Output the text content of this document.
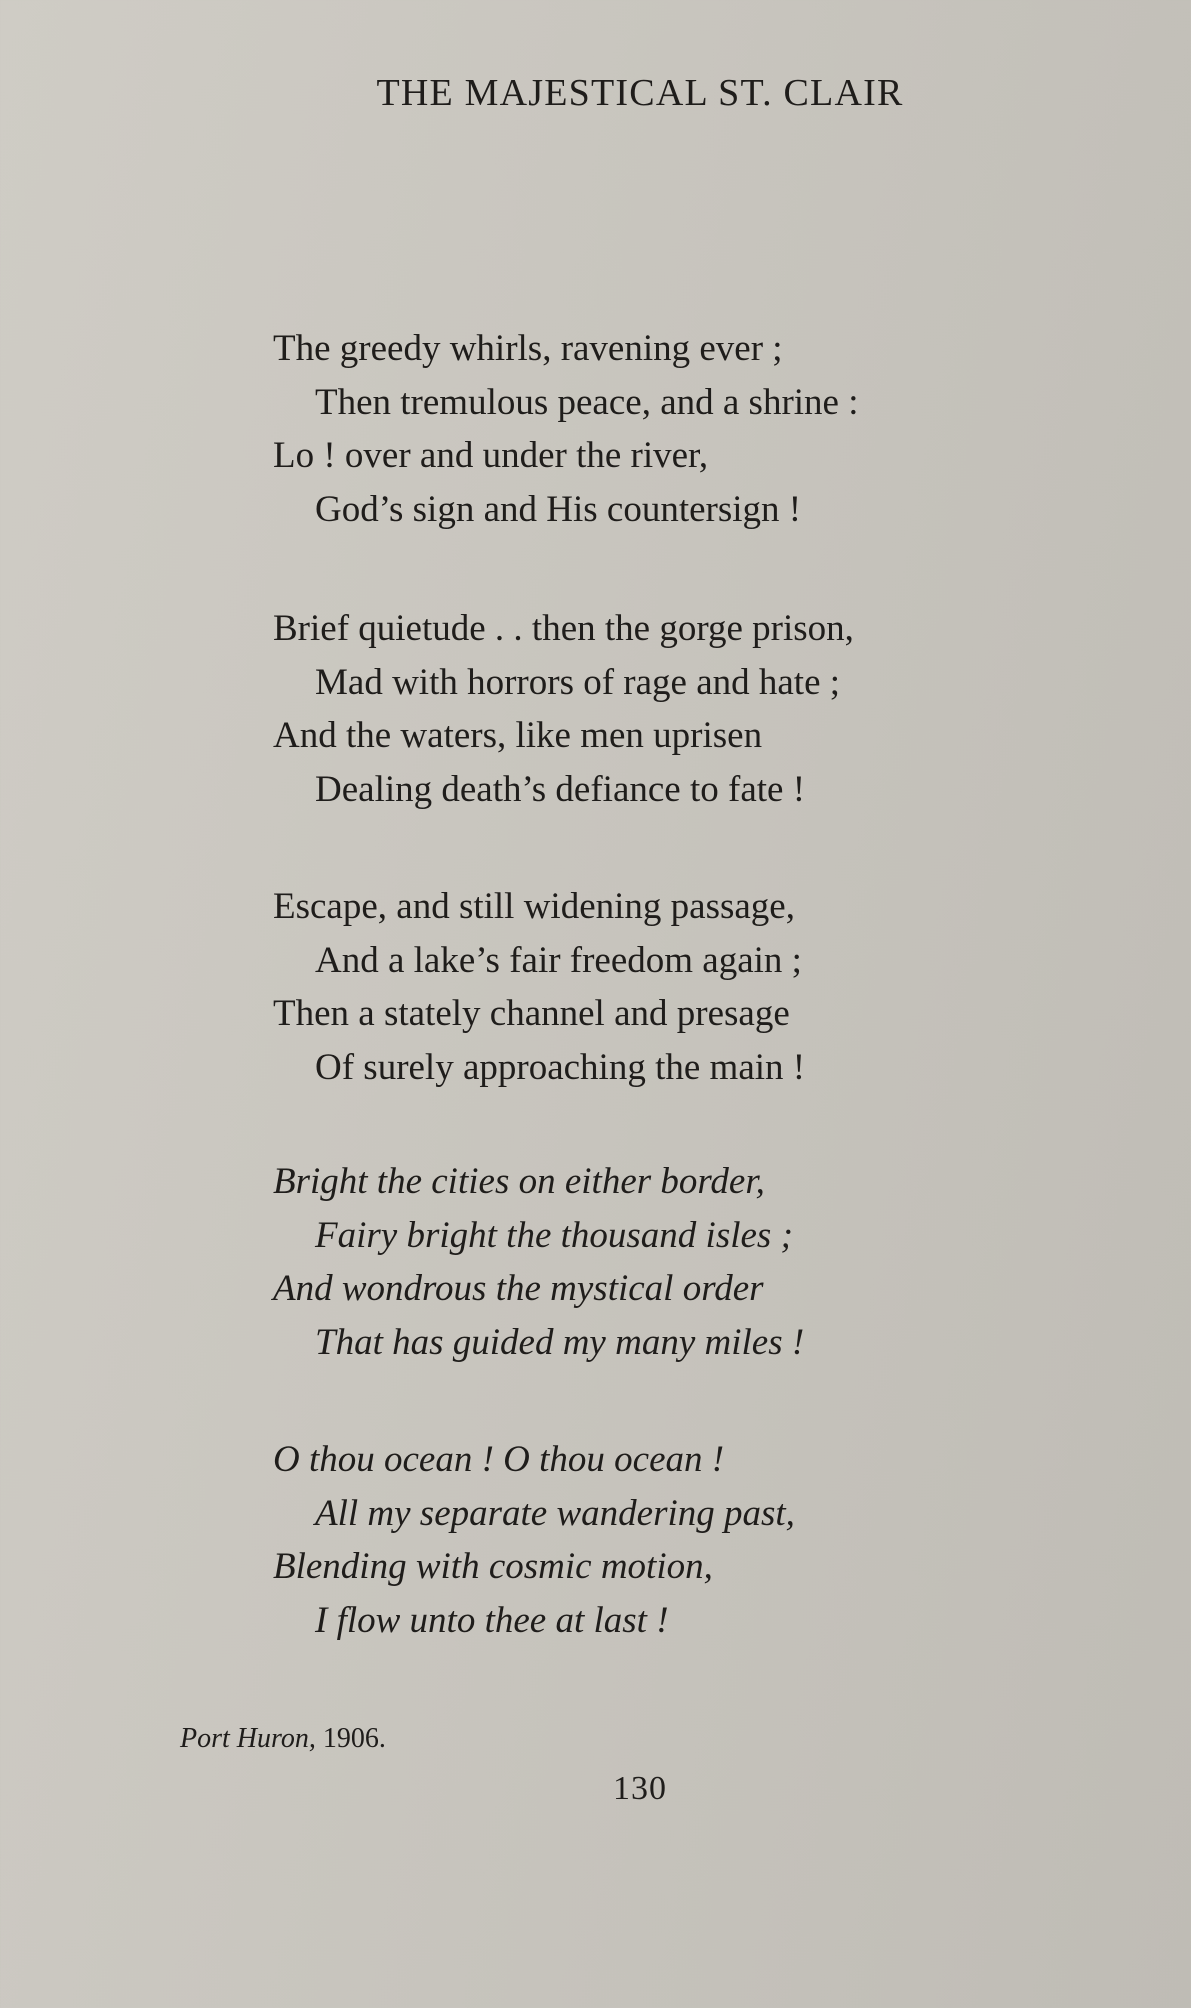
THE MAJESTICAL ST. CLAIR
The greedy whirls, ravening ever ;
Then tremulous peace, and a shrine :
Lo ! over and under the river,
God’s sign and His countersign !
Brief quietude . . then the gorge prison,
Mad with horrors of rage and hate ;
And the waters, like men uprisen
Dealing death’s defiance to fate !
Escape, and still widening passage,
And a lake’s fair freedom again ;
Then a stately channel and presage
Of surely approaching the main !
Bright the cities on either border,
Fairy bright the thousand isles ;
And wondrous the mystical order
That has guided my many miles !
O thou ocean ! O thou ocean !
All my separate wandering past,
Blending with cosmic motion,
I flow unto thee at last !
Port Huron, 1906.
130
